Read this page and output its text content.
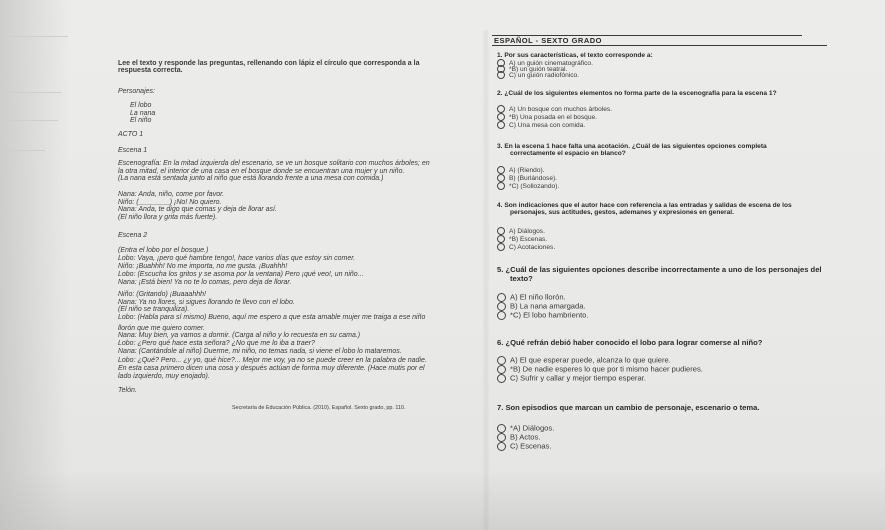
Lee el texto y responde las preguntas, rellenando con lápiz el círculo que corresponda a la
respuesta correcta.
Personajes:
El lobo
La nana
El niño
ACTO 1
Escena 1
Escenografía: En la mitad izquierda del escenario, se ve un bosque solitario con muchos árboles; en
la otra mitad, el interior de una casa en el bosque donde se encuentran una mujer y un niño.
(La nana está sentada junto al niño que está llorando frente a una mesa con comida.)
Nana: Anda, niño, come por favor.
Niño: (________) ¡No! No quiero.
Nana: Anda, te digo que comas y deja de llorar así.
(El niño llora y grita más fuerte).
Escena 2
(Entra el lobo por el bosque.)
Lobo: Vaya, ¡pero qué hambre tengo!, hace varios días que estoy sin comer.
Niño: ¡Buahhh! No me importa, no me gusta. ¡Buahhh!
Lobo: (Escucha los gritos y se asoma por la ventana) Pero ¡qué veo!, un niño...
Nana: ¡Está bien! Ya no te lo comas, pero deja de llorar.
Niño: (Gritando) ¡Buaaahhh!
Nana: Ya no llores, si sigues llorando te llevo con el lobo.
(El niño se tranquiliza).
Lobo: (Habla para sí mismo) Bueno, aquí me espero a que esta amable mujer me traiga a ese niño
llorón que me quiero comer.
Nana: Muy bien, ya vamos a dormir. (Carga al niño y lo recuesta en su cama.)
Lobo: ¿Pero qué hace esta señora? ¿No que me lo iba a traer?
Nana: (Cantándole al niño) Duerme, mi niño, no temas nada, si viene el lobo lo mataremos.
Lobo: ¿Qué? Pero... ¿y yo, qué hice?... Mejor me voy, ya no se puede creer en la palabra de nadie.
En esta casa primero dicen una cosa y después actúan de forma muy diferente. (Hace mutis por el
lado izquierdo, muy enojado).
Telón.
Secretaría de Educación Pública. (2010). Español. Sexto grado, pp. 110.
ESPAÑOL - SEXTO GRADO
1. Por sus características, el texto corresponde a:
A) un guión cinematográfico.
*B) un guión teatral.
C) un guión radiofónico.
2. ¿Cuál de los siguientes elementos no forma parte de la escenografía para la escena 1?
A) Un bosque con muchos árboles.
*B) Una posada en el bosque.
C) Una mesa con comida.
3. En la escena 1 hace falta una acotación. ¿Cuál de las siguientes opciones completa
correctamente el espacio en blanco?
A) (Riendo).
B) (Burlándose).
*C) (Sollozando).
4. Son indicaciones que el autor hace con referencia a las entradas y salidas de escena de los
personajes, sus actitudes, gestos, ademanes y expresiones en general.
A) Diálogos.
*B) Escenas.
C) Acotaciones.
5. ¿Cuál de las siguientes opciones describe incorrectamente a uno de los personajes del
texto?
A) El niño llorón.
B) La nana amargada.
*C) El lobo hambriento.
6. ¿Qué refrán debió haber conocido el lobo para lograr comerse al niño?
A) El que esperar puede, alcanza lo que quiere.
*B) De nadie esperes lo que por ti mismo hacer pudieres.
C) Sufrir y callar y mejor tiempo esperar.
7. Son episodios que marcan un cambio de personaje, escenario o tema.
*A) Diálogos.
B) Actos.
C) Escenas.
